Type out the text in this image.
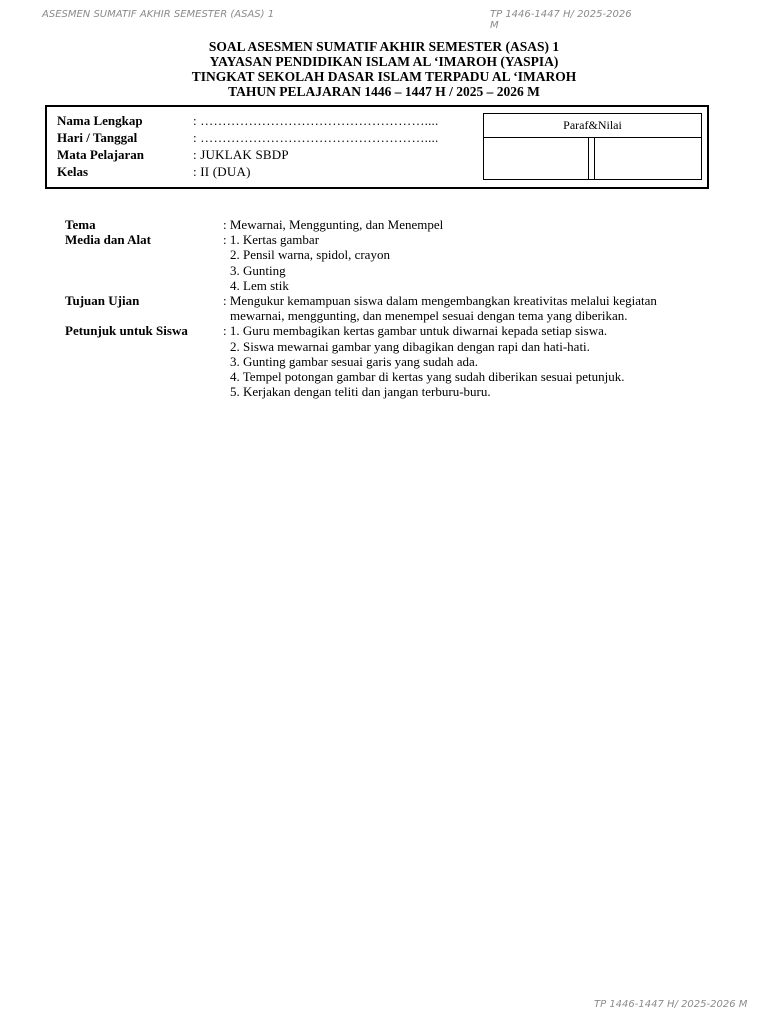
ASESMEN SUMATIF AKHIR SEMESTER (ASAS) 1	TP 1446-1447 H/ 2025-2026 M
SOAL ASESMEN SUMATIF AKHIR SEMESTER (ASAS) 1
YAYASAN PENDIDIKAN ISLAM AL ‘IMAROH (YASPIA)
TINGKAT SEKOLAH DASAR ISLAM TERPADU AL ‘IMAROH
TAHUN PELAJARAN 1446 – 1447 H / 2025 – 2026 M
Nama Lengkap	: ……………………………………………....
Hari / Tanggal	: ……………………………………………....
Mata Pelajaran	: JUKLAK SBDP
Kelas	: II (DUA)
Paraf&Nilai
Tema	: Mewarnai, Menggunting, dan Menempel
Media dan Alat	: 1. Kertas gambar
2. Pensil warna, spidol, crayon
3. Gunting
4. Lem stik
Tujuan Ujian	: Mengukur kemampuan siswa dalam mengembangkan kreativitas melalui kegiatan
mewarnai, menggunting, dan menempel sesuai dengan tema yang diberikan.
Petunjuk untuk Siswa	: 1. Guru membagikan kertas gambar untuk diwarnai kepada setiap siswa.
2. Siswa mewarnai gambar yang dibagikan dengan rapi dan hati-hati.
3. Gunting gambar sesuai garis yang sudah ada.
4. Tempel potongan gambar di kertas yang sudah diberikan sesuai petunjuk.
5. Kerjakan dengan teliti dan jangan terburu-buru.
TP 1446-1447 H/ 2025-2026 M
